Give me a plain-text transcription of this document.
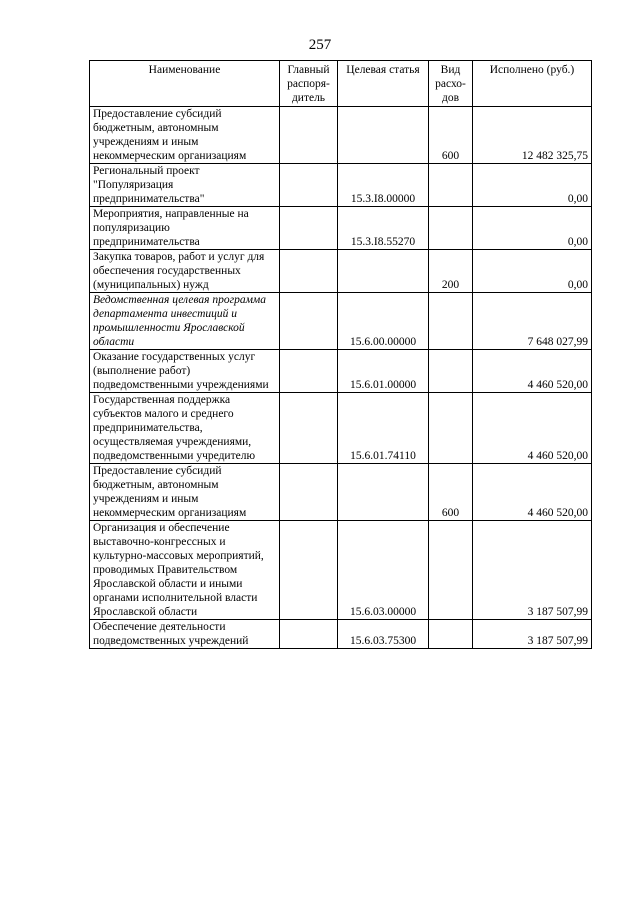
257
Наименование	Главный распоря-дитель	Целевая статья	Вид расхо-дов	Исполнено (руб.)
Предоставление субсидий бюджетным, автономным учреждениям и иным некоммерческим организациям			600	12 482 325,75
Региональный проект "Популяризация предпринимательства"		15.3.I8.00000		0,00
Мероприятия, направленные на популяризацию предпринимательства		15.3.I8.55270		0,00
Закупка товаров, работ и услуг для обеспечения государственных (муниципальных) нужд			200	0,00
Ведомственная целевая программа департамента инвестиций и промышленности Ярославской области		15.6.00.00000		7 648 027,99
Оказание государственных услуг (выполнение работ) подведомственными учреждениями		15.6.01.00000		4 460 520,00
Государственная поддержка субъектов малого и среднего предпринимательства, осуществляемая учреждениями, подведомственными учредителю		15.6.01.74110		4 460 520,00
Предоставление субсидий бюджетным, автономным учреждениям и иным некоммерческим организациям			600	4 460 520,00
Организация и обеспечение выставочно-конгрессных и культурно-массовых мероприятий, проводимых Правительством Ярославской области и иными органами исполнительной власти Ярославской области		15.6.03.00000		3 187 507,99
Обеспечение деятельности подведомственных учреждений		15.6.03.75300		3 187 507,99
